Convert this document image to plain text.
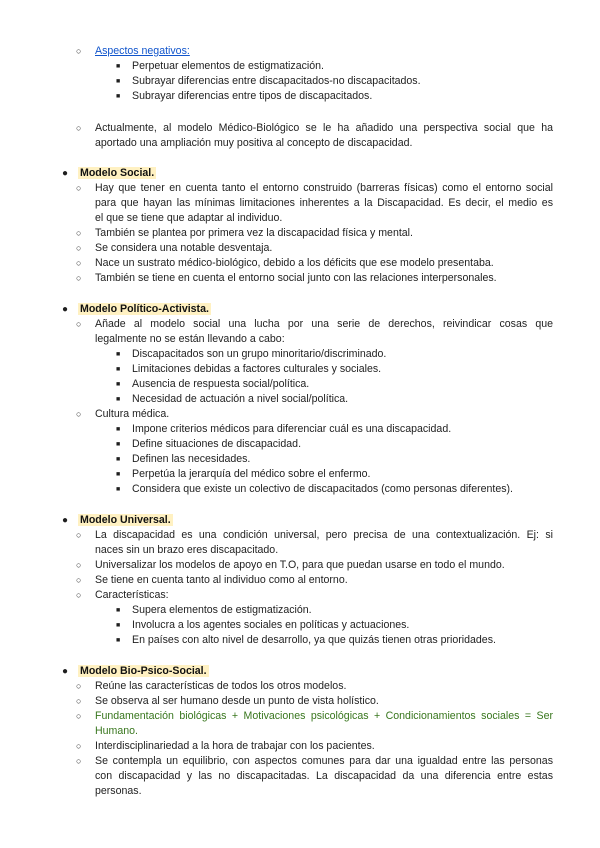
○ Aspectos negativos:
■ Perpetuar elementos de estigmatización.
■ Subrayar diferencias entre discapacitados-no discapacitados.
■ Subrayar diferencias entre tipos de discapacitados.
○ Actualmente, al modelo Médico-Biológico se le ha añadido una perspectiva social que ha
aportado una ampliación muy positiva al concepto de discapacidad.
● Modelo Social.
○ Hay que tener en cuenta tanto el entorno construido (barreras físicas) como el entorno social
para que hayan las mínimas limitaciones inherentes a la Discapacidad. Es decir, el medio es
el que se tiene que adaptar al individuo.
○ También se plantea por primera vez la discapacidad física y mental.
○ Se considera una notable desventaja.
○ Nace un sustrato médico-biológico, debido a los déficits que ese modelo presentaba.
○ También se tiene en cuenta el entorno social junto con las relaciones interpersonales.
● Modelo Político-Activista.
○ Añade al modelo social una lucha por una serie de derechos, reivindicar cosas que
legalmente no se están llevando a cabo:
■ Discapacitados son un grupo minoritario/discriminado.
■ Limitaciones debidas a factores culturales y sociales.
■ Ausencia de respuesta social/política.
■ Necesidad de actuación a nivel social/política.
○ Cultura médica.
■ Impone criterios médicos para diferenciar cuál es una discapacidad.
■ Define situaciones de discapacidad.
■ Definen las necesidades.
■ Perpetúa la jerarquía del médico sobre el enfermo.
■ Considera que existe un colectivo de discapacitados (como personas diferentes).
● Modelo Universal.
○ La discapacidad es una condición universal, pero precisa de una contextualización. Ej: si
naces sin un brazo eres discapacitado.
○ Universalizar los modelos de apoyo en T.O, para que puedan usarse en todo el mundo.
○ Se tiene en cuenta tanto al individuo como al entorno.
○ Características:
■ Supera elementos de estigmatización.
■ Involucra a los agentes sociales en políticas y actuaciones.
■ En países con alto nivel de desarrollo, ya que quizás tienen otras prioridades.
● Modelo Bio-Psico-Social.
○ Reúne las características de todos los otros modelos.
○ Se observa al ser humano desde un punto de vista holístico.
○ Fundamentación biológicas + Motivaciones psicológicas + Condicionamientos sociales = Ser
Humano.
○ Interdisciplinariedad a la hora de trabajar con los pacientes.
○ Se contempla un equilibrio, con aspectos comunes para dar una igualdad entre las personas
con discapacidad y las no discapacitadas. La discapacidad da una diferencia entre estas
personas.
